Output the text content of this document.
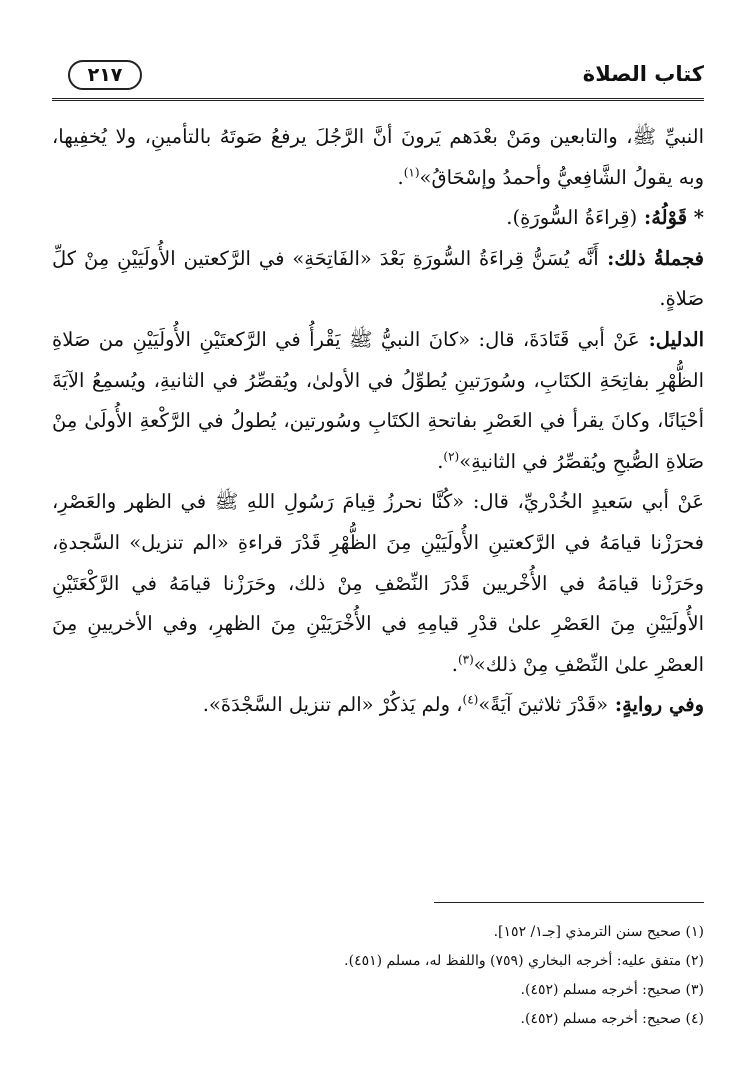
كتاب الصلاة
٢١٧

النبيِّ ﷺ، والتابعين ومَنْ بعْدَهم يَرونَ أنَّ الرَّجُلَ يرفعُ صَوتَهُ بالتأمينِ، ولا يُخفِيها، وبه يقولُ الشَّافِعيُّ وأحمدُ وإسْحَاقُ»$^{(١)}$.

* قَوْلُهُ: (قِراءَةُ السُّورَةِ).

فجملةُ ذلك: أَنَّه يُسَنُّ قِراءَةُ السُّورَةِ بَعْدَ «الفَاتِحَةِ» في الرَّكعتين الأُولَيَيْنِ مِنْ كلِّ صَلاةٍ.

الدليل: عَنْ أبي قَتَادَةَ، قال: «كانَ النبيُّ ﷺ يَقْرأُ في الرَّكعتَيْنِ الأُولَيَيْنِ من صَلاةِ الظُّهْرِ بفاتِحَةِ الكتَابِ، وسُورَتينِ يُطوِّلُ في الأولىٰ، ويُقصِّرُ في الثانيةِ، ويُسمِعُ الآيَةَ أحْيَانًا، وكانَ يقرأ في العَصْرِ بفاتحةِ الكتَابِ وسُورتين، يُطولُ في الرَّكْعةِ الأُولَىٰ مِنْ صَلاةِ الصُّبحِ ويُقصِّرُ في الثانيةِ»$^{(٢)}$.

عَنْ أبي سَعيدٍ الخُدْريِّ، قال: «كُنَّا نحرزُ قِيامَ رَسُولِ اللهِ ﷺ في الظهر والعَصْرِ، فحرَزْنا قيامَهُ في الرَّكعتينِ الأُولَيَيْنِ مِنَ الظُّهْرِ قَدْرَ قراءةِ «الم تنزيل» السَّجدةِ، وحَرَزْنا قيامَهُ في الأُخْريين قَدْرَ النِّصْفِ مِنْ ذلك، وحَرَزْنا قيامَهُ في الرَّكْعَتَيْنِ الأُولَيَيْنِ مِنَ العَصْرِ علىٰ قدْرِ قيامِهِ في الأُخْرَيَيْنِ مِنَ الظهرِ، وفي الأخريينِ مِنَ العصْرِ علىٰ النِّصْفِ مِنْ ذلك»$^{(٣)}$.

وفي روايةٍ: «قَدْرَ ثلاثينَ آيَةً»$^{(٤)}$، ولم يَذكُرْ «الم تنزيل السَّجْدَةَ».

(١) صحيح سنن الترمذي [جـ١/ ١٥٢].
(٢) متفق عليه: أخرجه البخاري (٧٥٩) واللفظ له، مسلم (٤٥١).
(٣) صحيح: أخرجه مسلم (٤٥٢).
(٤) صحيح: أخرجه مسلم (٤٥٢).
